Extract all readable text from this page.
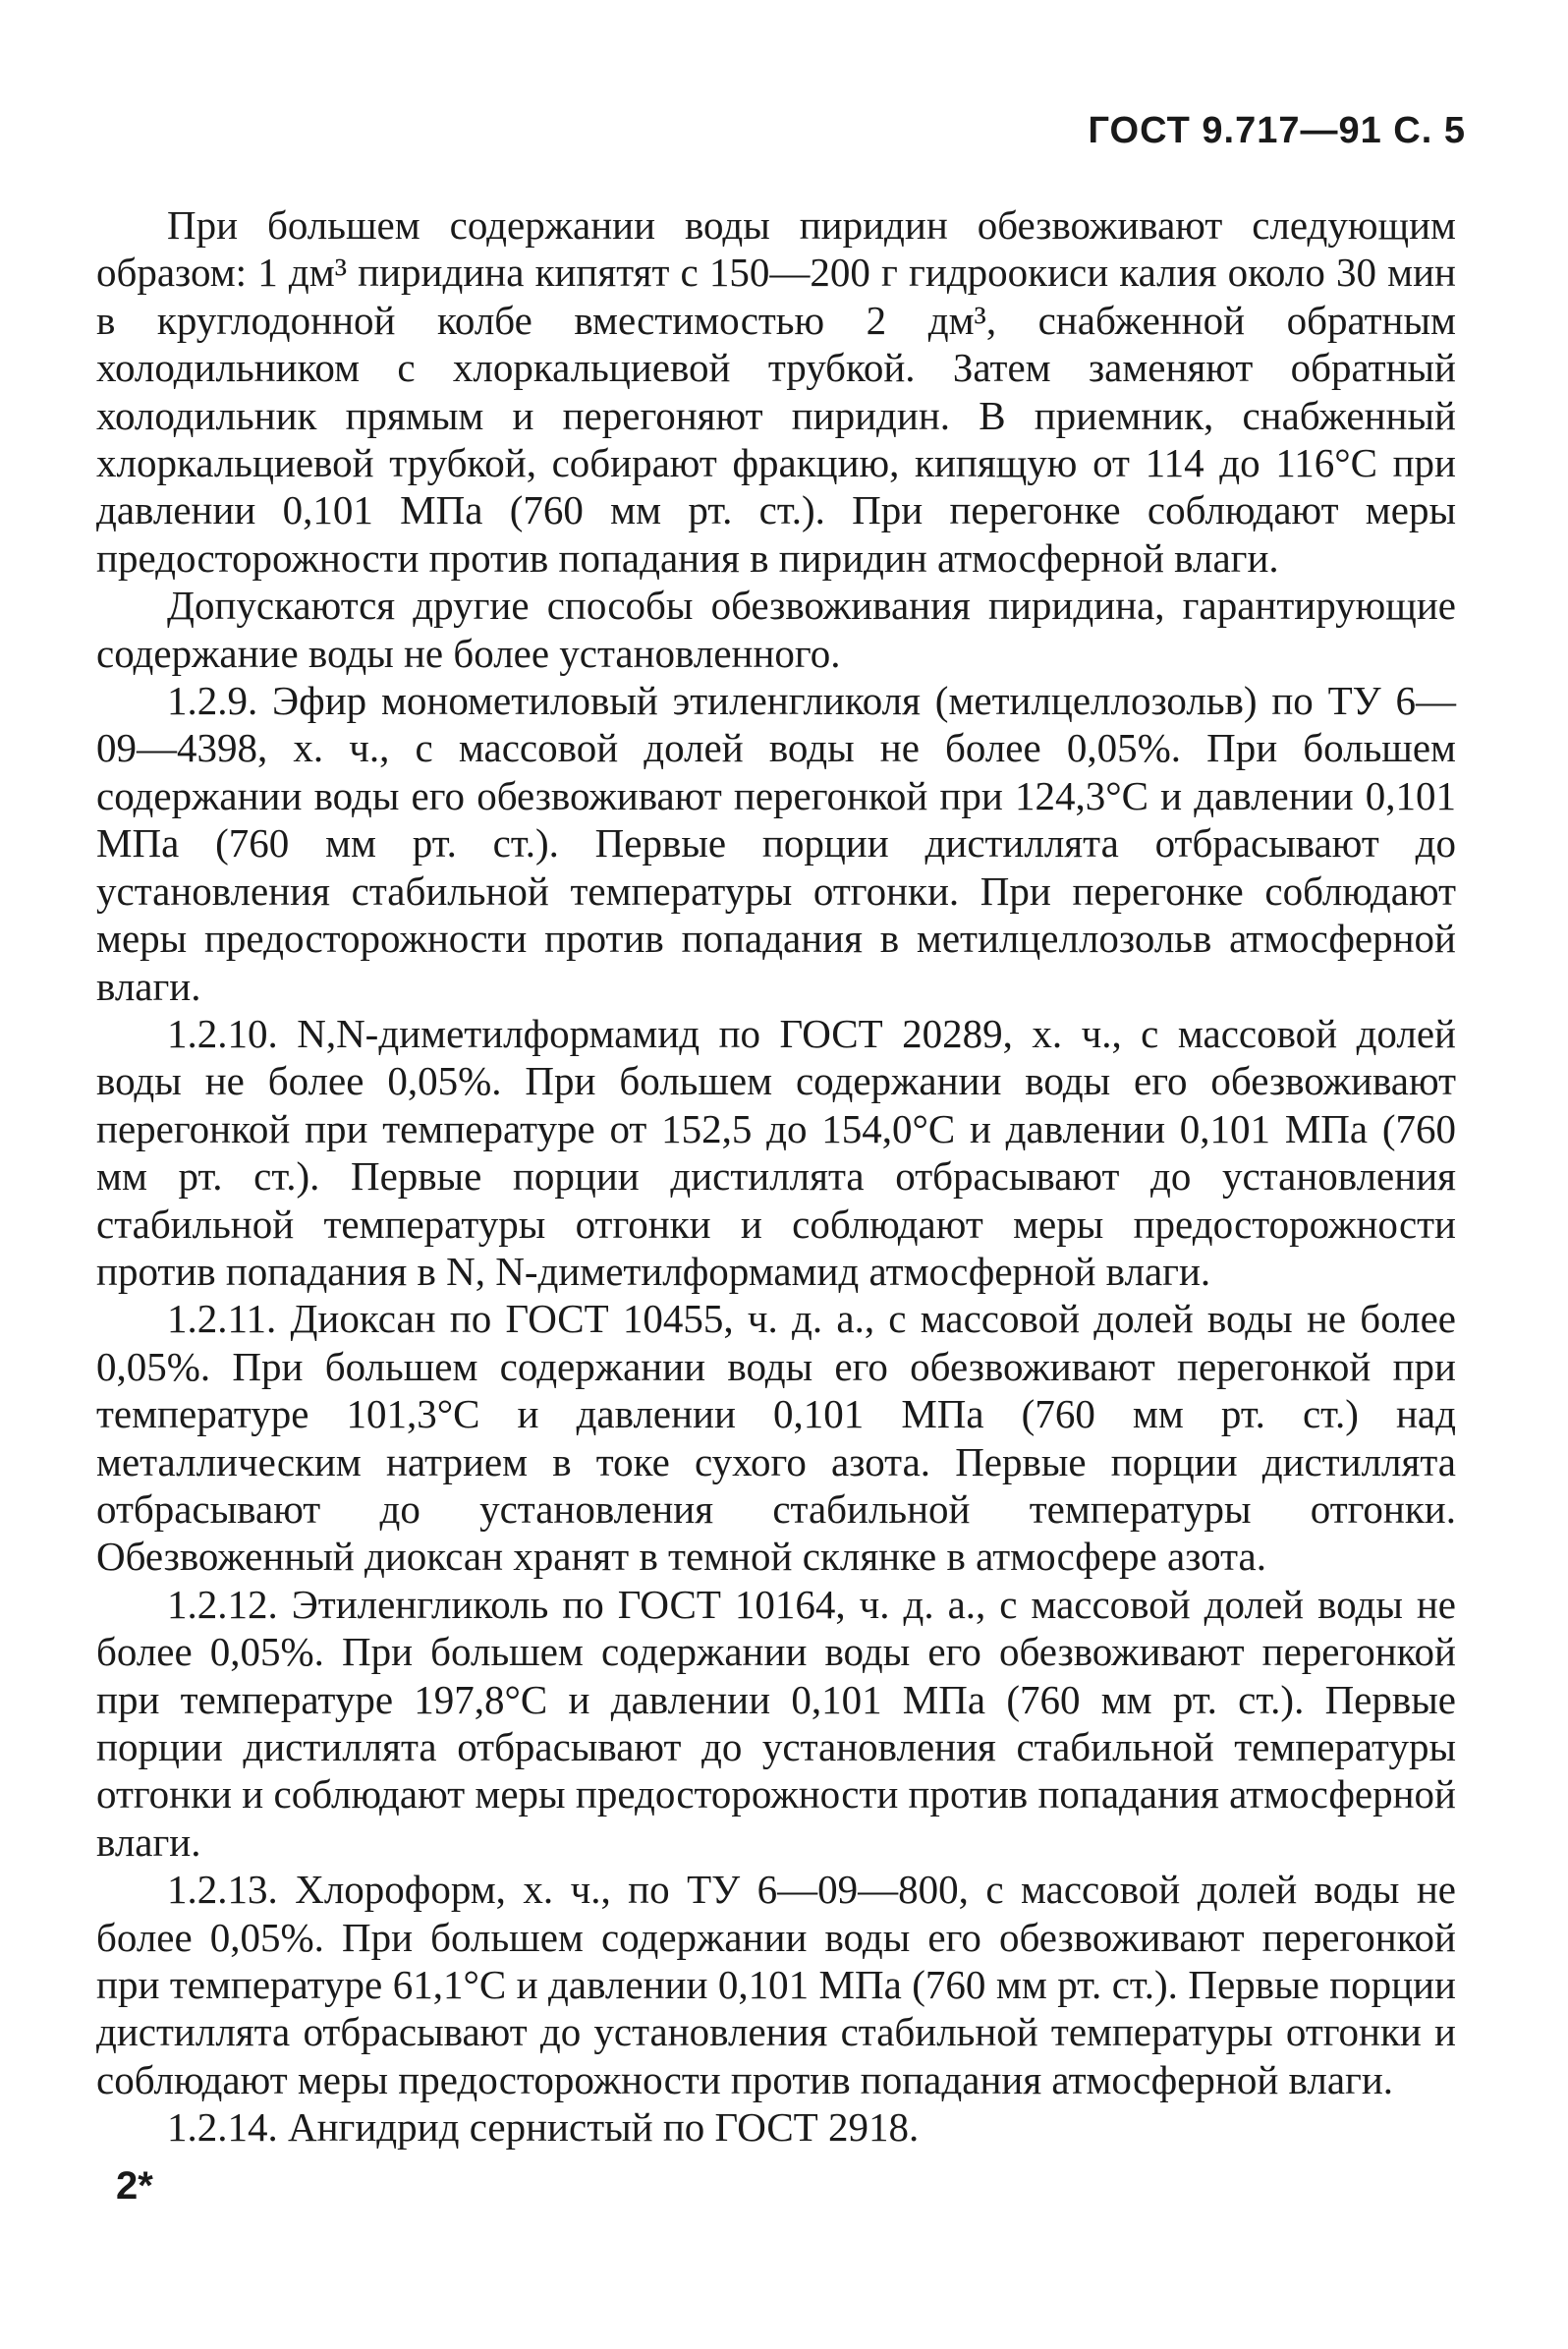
ГОСТ 9.717—91 С. 5

При большем содержании воды пиридин обезвоживают следующим образом: 1 дм³ пиридина кипятят с 150—200 г гидроокиси калия около 30 мин в круглодонной колбе вместимостью 2 дм³, снабженной обратным холодильником с хлоркальциевой трубкой. Затем заменяют обратный холодильник прямым и перегоняют пиридин. В приемник, снабженный хлоркальциевой трубкой, собирают фракцию, кипящую от 114 до 116°С при давлении 0,101 МПа (760 мм рт. ст.). При перегонке соблюдают меры предосторожности против попадания в пиридин атмосферной влаги.

Допускаются другие способы обезвоживания пиридина, гарантирующие содержание воды не более установленного.

1.2.9. Эфир монометиловый этиленгликоля (метилцеллозольв) по ТУ 6—09—4398, х. ч., с массовой долей воды не более 0,05%. При большем содержании воды его обезвоживают перегонкой при 124,3°С и давлении 0,101 МПа (760 мм рт. ст.). Первые порции дистиллята отбрасывают до установления стабильной температуры отгонки. При перегонке соблюдают меры предосторожности против попадания в метилцеллозольв атмосферной влаги.

1.2.10. N,N-диметилформамид по ГОСТ 20289, х. ч., с массовой долей воды не более 0,05%. При большем содержании воды его обезвоживают перегонкой при температуре от 152,5 до 154,0°С и давлении 0,101 МПа (760 мм рт. ст.). Первые порции дистиллята отбрасывают до установления стабильной температуры отгонки и соблюдают меры предосторожности против попадания в N, N-диметилформамид атмосферной влаги.

1.2.11. Диоксан по ГОСТ 10455, ч. д. а., с массовой долей воды не более 0,05%. При большем содержании воды его обезвоживают перегонкой при температуре 101,3°С и давлении 0,101 МПа (760 мм рт. ст.) над металлическим натрием в токе сухого азота. Первые порции дистиллята отбрасывают до установления стабильной температуры отгонки. Обезвоженный диоксан хранят в темной склянке в атмосфере азота.

1.2.12. Этиленгликоль по ГОСТ 10164, ч. д. а., с массовой долей воды не более 0,05%. При большем содержании воды его обезвоживают перегонкой при температуре 197,8°С и давлении 0,101 МПа (760 мм рт. ст.). Первые порции дистиллята отбрасывают до установления стабильной температуры отгонки и соблюдают меры предосторожности против попадания атмосферной влаги.

1.2.13. Хлороформ, х. ч., по ТУ 6—09—800, с массовой долей воды не более 0,05%. При большем содержании воды его обезвоживают перегонкой при температуре 61,1°С и давлении 0,101 МПа (760 мм рт. ст.). Первые порции дистиллята отбрасывают до установления стабильной температуры отгонки и соблюдают меры предосторожности против попадания атмосферной влаги.

1.2.14. Ангидрид сернистый по ГОСТ 2918.

2*
